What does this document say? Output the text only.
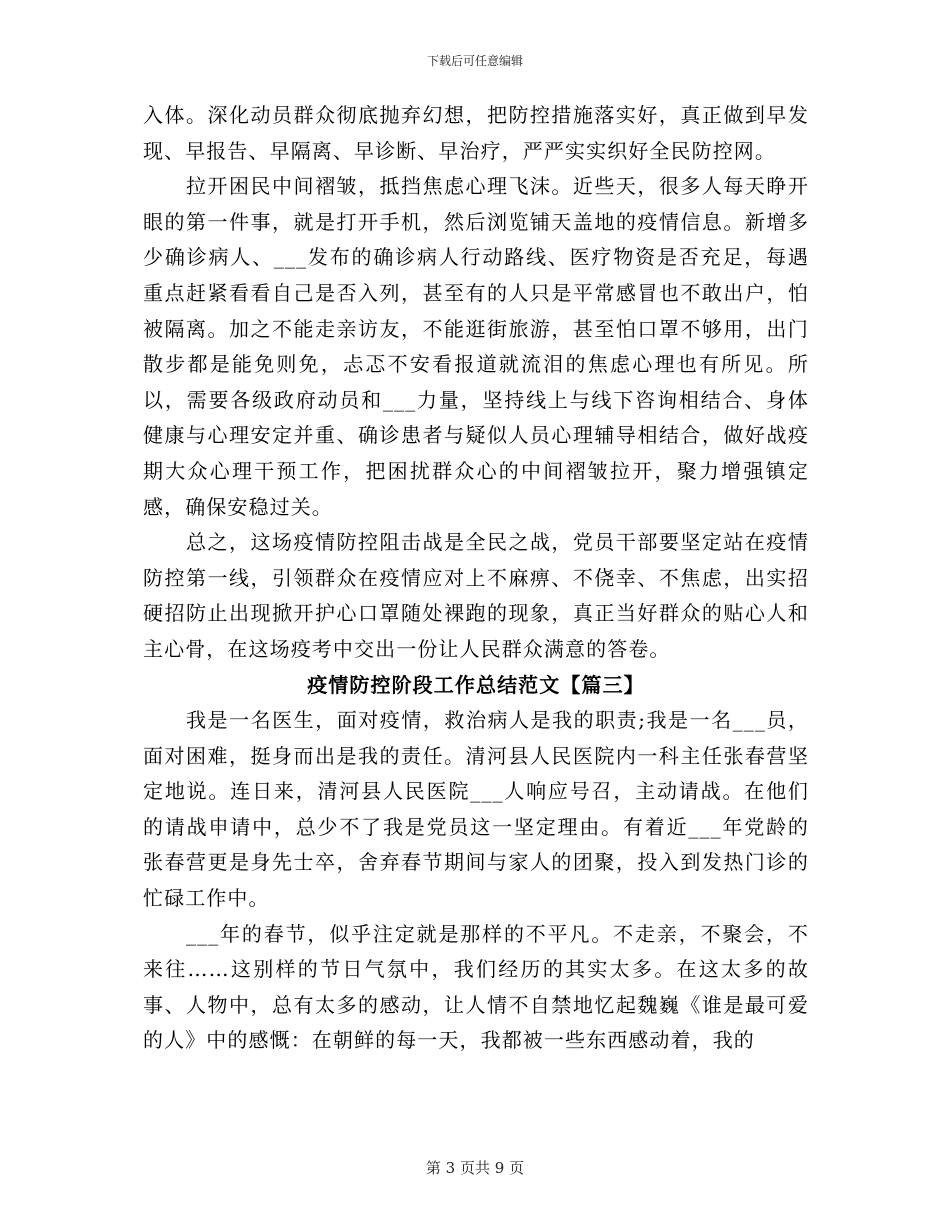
下载后可任意编辑

入体。深化动员群众彻底抛弃幻想，把防控措施落实好，真正做到早发现、早报告、早隔离、早诊断、早治疗，严严实实织好全民防控网。

拉开困民中间褶皱，抵挡焦虑心理飞沫。近些天，很多人每天睁开眼的第一件事，就是打开手机，然后浏览铺天盖地的疫情信息。新增多少确诊病人、___发布的确诊病人行动路线、医疗物资是否充足，每遇重点赶紧看看自己是否入列，甚至有的人只是平常感冒也不敢出户，怕被隔离。加之不能走亲访友，不能逛街旅游，甚至怕口罩不够用，出门散步都是能免则免，忐忑不安看报道就流泪的焦虑心理也有所见。所以，需要各级政府动员和___力量，坚持线上与线下咨询相结合、身体健康与心理安定并重、确诊患者与疑似人员心理辅导相结合，做好战疫期大众心理干预工作，把困扰群众心的中间褶皱拉开，聚力增强镇定感，确保安稳过关。

总之，这场疫情防控阻击战是全民之战，党员干部要坚定站在疫情防控第一线，引领群众在疫情应对上不麻痹、不侥幸、不焦虑，出实招硬招防止出现掀开护心口罩随处裸跑的现象，真正当好群众的贴心人和主心骨，在这场疫考中交出一份让人民群众满意的答卷。

疫情防控阶段工作总结范文【篇三】

我是一名医生，面对疫情，救治病人是我的职责;我是一名___员，面对困难，挺身而出是我的责任。清河县人民医院内一科主任张春营坚定地说。连日来，清河县人民医院___人响应号召，主动请战。在他们的请战申请中，总少不了我是党员这一坚定理由。有着近___年党龄的张春营更是身先士卒，舍弃春节期间与家人的团聚，投入到发热门诊的忙碌工作中。

___年的春节，似乎注定就是那样的不平凡。不走亲，不聚会，不来往……这别样的节日气氛中，我们经历的其实太多。在这太多的故事、人物中，总有太多的感动，让人情不自禁地忆起魏巍《谁是最可爱的人》中的感慨：在朝鲜的每一天，我都被一些东西感动着，我的

第 3 页共 9 页
